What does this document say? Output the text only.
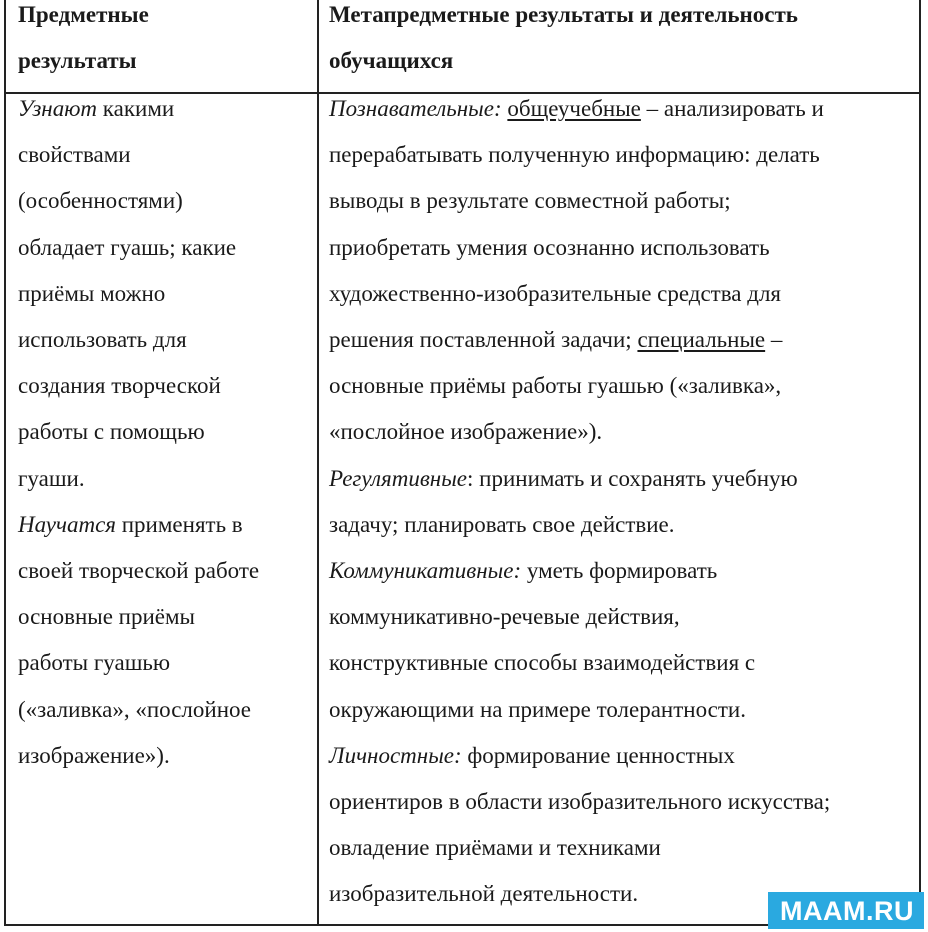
Предметные
результаты
Метапредметные результаты и деятельность
обучащихся
Узнают какими
свойствами
(особенностями)
обладает гуашь; какие
приёмы можно
использовать для
создания творческой
работы с помощью
гуаши.
Научатся применять в
своей творческой работе
основные приёмы
работы гуашью
(«заливка», «послойное
изображение»).
Познавательные: общеучебные – анализировать и
перерабатывать полученную информацию: делать
выводы в результате совместной работы;
приобретать умения осознанно использовать
художественно-изобразительные средства для
решения поставленной задачи; специальные –
основные приёмы работы гуашью («заливка»,
«послойное изображение»).
Регулятивные: принимать и сохранять учебную
задачу; планировать свое действие.
Коммуникативные: уметь формировать
коммуникативно-речевые действия,
конструктивные способы взаимодействия с
окружающими на примере толерантности.
Личностные: формирование ценностных
ориентиров в области изобразительного искусства;
овладение приёмами и техниками
изобразительной деятельности.
MAAM.RU
